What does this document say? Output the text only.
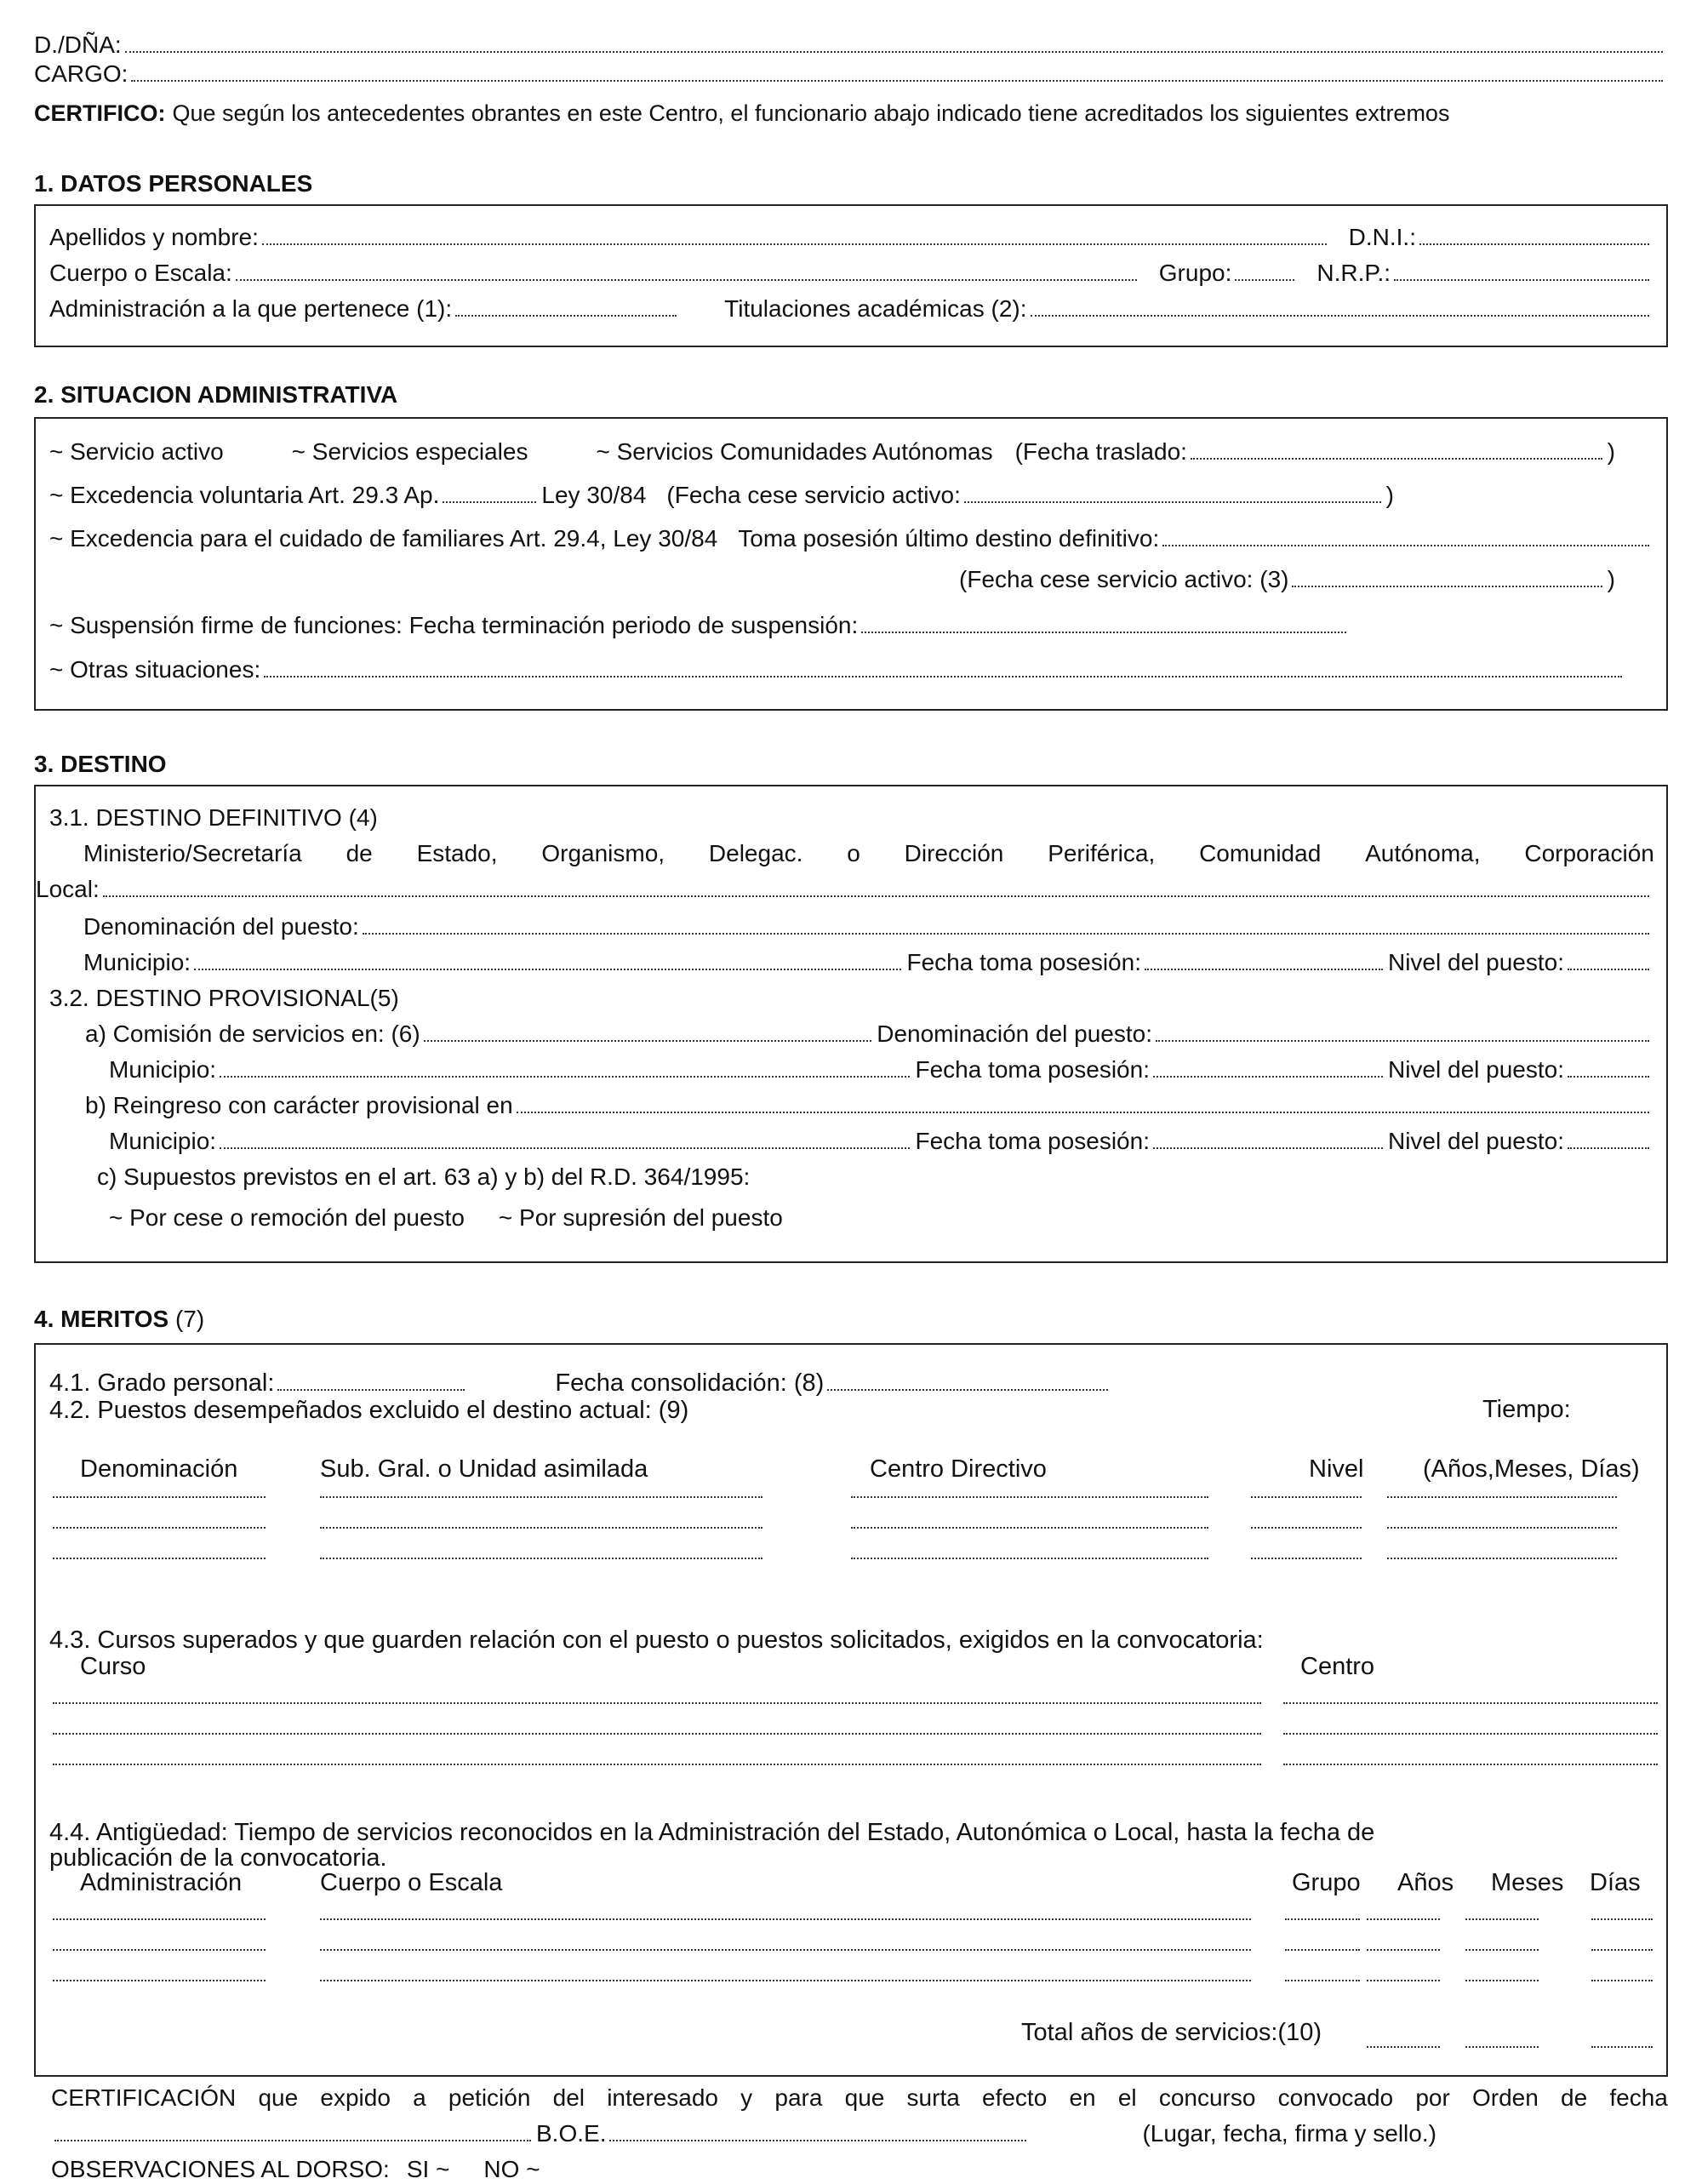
D./DÑA:
CARGO:
CERTIFICO: Que según los antecedentes obrantes en este Centro, el funcionario abajo indicado tiene acreditados los siguientes extremos
1. DATOS PERSONALES
Apellidos y nombre:	D.N.I.:
Cuerpo o Escala:	Grupo:	N.R.P.:
Administración a la que pertenece (1):	Titulaciones académicas (2):
2. SITUACION ADMINISTRATIVA
~ Servicio activo	~ Servicios especiales	~ Servicios Comunidades Autónomas (Fecha traslado:	)
~ Excedencia voluntaria Art. 29.3 Ap.	Ley 30/84 (Fecha cese servicio activo:	)
~ Excedencia para el cuidado de familiares Art. 29.4, Ley 30/84 Toma posesión último destino definitivo:
(Fecha cese servicio activo: (3)	)
~ Suspensión firme de funciones: Fecha terminación periodo de suspensión:
~ Otras situaciones:
3. DESTINO
3.1. DESTINO DEFINITIVO (4)
Ministerio/Secretaría de Estado, Organismo, Delegac. o Dirección Periférica, Comunidad Autónoma, Corporación
Local:
Denominación del puesto:
Municipio:	Fecha toma posesión:	Nivel del puesto:
3.2. DESTINO PROVISIONAL(5)
a) Comisión de servicios en: (6)	Denominación del puesto:
Municipio:	Fecha toma posesión:	Nivel del puesto:
b) Reingreso con carácter provisional en
Municipio:	Fecha toma posesión:	Nivel del puesto:
c) Supuestos previstos en el art. 63 a) y b) del R.D. 364/1995:
~ Por cese o remoción del puesto ~ Por supresión del puesto
4. MERITOS (7)
4.1. Grado personal:	Fecha consolidación: (8)
4.2. Puestos desempeñados excluido el destino actual: (9)	Tiempo:
Denominación	Sub. Gral. o Unidad asimilada	Centro Directivo	Nivel (Años,Meses, Días)
4.3. Cursos superados y que guarden relación con el puesto o puestos solicitados, exigidos en la convocatoria:
Curso	Centro
4.4. Antigüedad: Tiempo de servicios reconocidos en la Administración del Estado, Autonómica o Local, hasta la fecha de
publicación de la convocatoria.
Administración	Cuerpo o Escala	Grupo Años Meses Días
Total años de servicios:(10)
CERTIFICACIÓN que expido a petición del interesado y para que surta efecto en el concurso convocado por Orden de fecha
B.O.E.	(Lugar, fecha, firma y sello.)
OBSERVACIONES AL DORSO: SI ~ NO ~
